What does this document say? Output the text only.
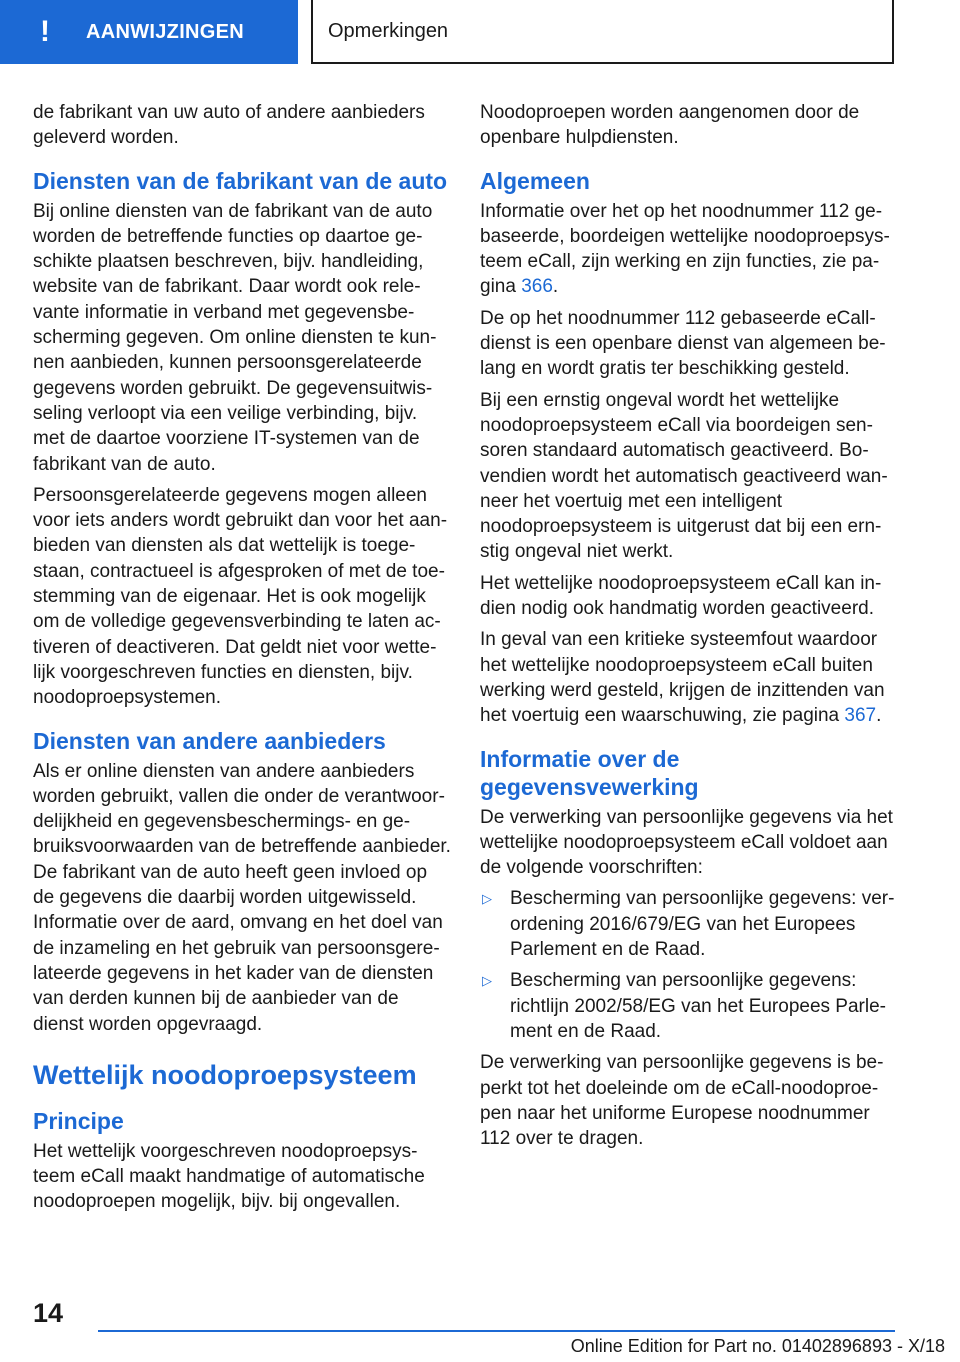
!	AANWIJZINGEN	Opmerkingen

de fabrikant van uw auto of andere aanbieders geleverd worden.

Diensten van de fabrikant van de auto

Bij online diensten van de fabrikant van de auto worden de betreffende functies op daartoe geschikte plaatsen beschreven, bijv. handleiding, website van de fabrikant. Daar wordt ook relevante informatie in verband met gegevensbescherming gegeven. Om online diensten te kunnen aanbieden, kunnen persoonsgerelateerde gegevens worden gebruikt. De gegevensuitwisseling verloopt via een veilige verbinding, bijv. met de daartoe voorziene IT-systemen van de fabrikant van de auto.

Persoonsgerelateerde gegevens mogen alleen voor iets anders wordt gebruikt dan voor het aanbieden van diensten als dat wettelijk is toegestaan, contractueel is afgesproken of met de toestemming van de eigenaar. Het is ook mogelijk om de volledige gegevensverbinding te laten activeren of deactiveren. Dat geldt niet voor wettelijk voorgeschreven functies en diensten, bijv. noodoproepsystemen.

Diensten van andere aanbieders

Als er online diensten van andere aanbieders worden gebruikt, vallen die onder de verantwoordelijkheid en gegevensbeschermings- en gebruiksvoorwaarden van de betreffende aanbieder. De fabrikant van de auto heeft geen invloed op de gegevens die daarbij worden uitgewisseld. Informatie over de aard, omvang en het doel van de inzameling en het gebruik van persoonsgerelateerde gegevens in het kader van de diensten van derden kunnen bij de aanbieder van de dienst worden opgevraagd.

Wettelijk noodoproepsysteem
Principe

Het wettelijk voorgeschreven noodoproepsysteem eCall maakt handmatige of automatische noodoproepen mogelijk, bijv. bij ongevallen.

Noodoproepen worden aangenomen door de openbare hulpdiensten.

Algemeen

Informatie over het op het noodnummer 112 gebaseerde, boordeigen wettelijke noodoproepsysteem eCall, zijn werking en zijn functies, zie pagina 366.

De op het noodnummer 112 gebaseerde eCall-dienst is een openbare dienst van algemeen belang en wordt gratis ter beschikking gesteld.

Bij een ernstig ongeval wordt het wettelijke noodoproepsysteem eCall via boordeigen sensoren standaard automatisch geactiveerd. Bovendien wordt het automatisch geactiveerd wanneer het voertuig met een intelligent noodoproepsysteem is uitgerust dat bij een ernstig ongeval niet werkt.

Het wettelijke noodoproepsysteem eCall kan indien nodig ook handmatig worden geactiveerd.

In geval van een kritieke systeemfout waardoor het wettelijke noodoproepsysteem eCall buiten werking werd gesteld, krijgen de inzittenden van het voertuig een waarschuwing, zie pagina 367.

Informatie over de gegevensvewerking

De verwerking van persoonlijke gegevens via het wettelijke noodoproepsysteem eCall voldoet aan de volgende voorschriften:

▷ Bescherming van persoonlijke gegevens: verordening 2016/679/EG van het Europees Parlement en de Raad.
▷ Bescherming van persoonlijke gegevens: richtlijn 2002/58/EG van het Europees Parlement en de Raad.

De verwerking van persoonlijke gegevens is beperkt tot het doeleinde om de eCall-noodoproepen naar het uniforme Europese noodnummer 112 over te dragen.

14
Online Edition for Part no. 01402896893 - X/18
